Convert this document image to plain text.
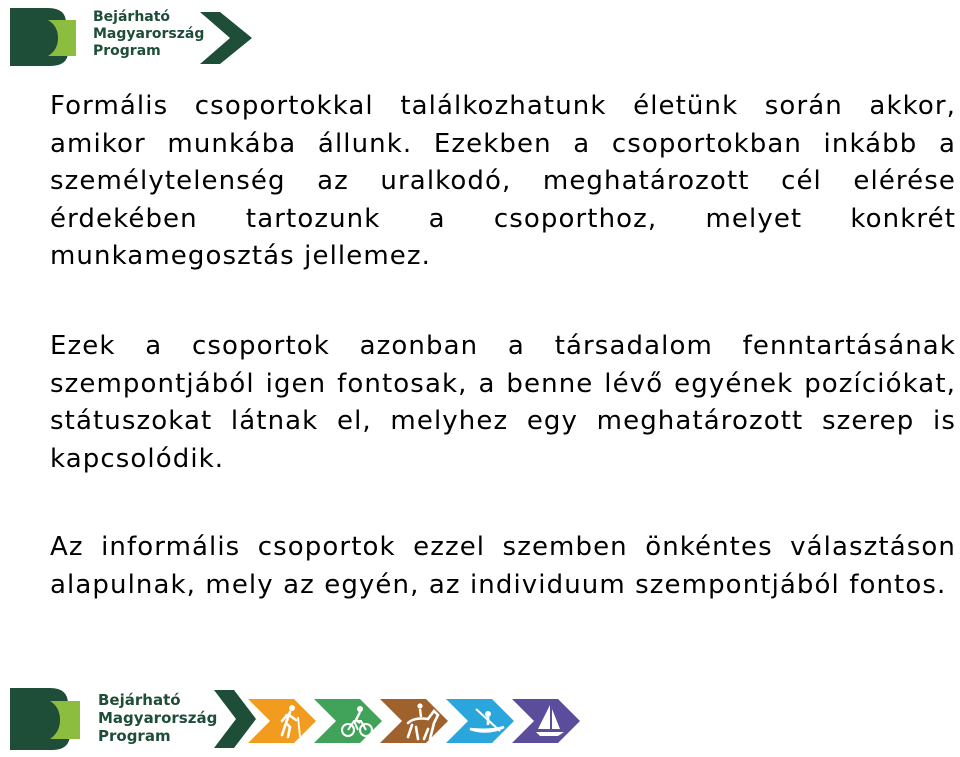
Bejárható
Magyarország
Program

Formális csoportokkal találkozhatunk életünk során akkor, amikor munkába állunk. Ezekben a csoportokban inkább a személytelenség az uralkodó, meghatározott cél elérése érdekében tartozunk a csoporthoz, melyet konkrét munkamegosztás jellemez.

Ezek a csoportok azonban a társadalom fenntartásának szempontjából igen fontosak, a benne lévő egyének pozíciókat, státuszokat látnak el, melyhez egy meghatározott szerep is kapcsolódik.

Az informális csoportok ezzel szemben önkéntes választáson alapulnak, mely az egyén, az individuum szempontjából fontos.

Bejárható
Magyarország
Program
